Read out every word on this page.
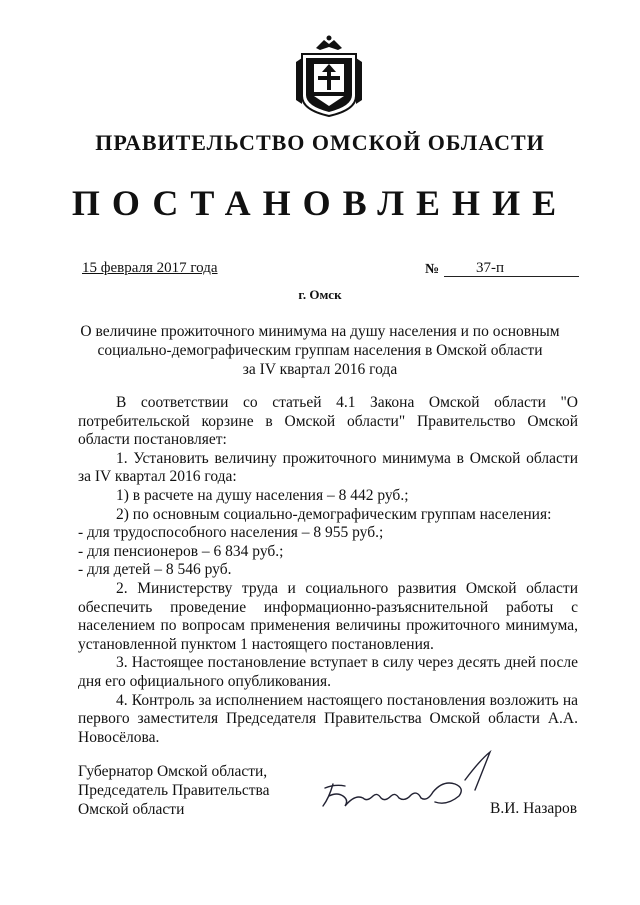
ПРАВИТЕЛЬСТВО ОМСКОЙ ОБЛАСТИ
ПОСТАНОВЛЕНИЕ
15 февраля 2017 года	№ 37-п
г. Омск
О величине прожиточного минимума на душу населения и по основным
социально-демографическим группам населения в Омской области
за IV квартал 2016 года

В соответствии со статьей 4.1 Закона Омской области "О потребительской корзине в Омской области" Правительство Омской области постановляет:

1. Установить величину прожиточного минимума в Омской области за IV квартал 2016 года:

1) в расчете на душу населения – 8 442 руб.;

2) по основным социально-демографическим группам населения:

- для трудоспособного населения – 8 955 руб.;

- для пенсионеров – 6 834 руб.;

- для детей – 8 546 руб.

2. Министерству труда и социального развития Омской области обеспечить проведение информационно-разъяснительной работы с населением по вопросам применения величины прожиточного минимума, установленной пунктом 1 настоящего постановления.

3. Настоящее постановление вступает в силу через десять дней после дня его официального опубликования.

4. Контроль за исполнением настоящего постановления возложить на первого заместителя Председателя Правительства Омской области А.А. Новосёлова.

Губернатор Омской области,
Председатель Правительства
Омской области	В.И. Назаров
